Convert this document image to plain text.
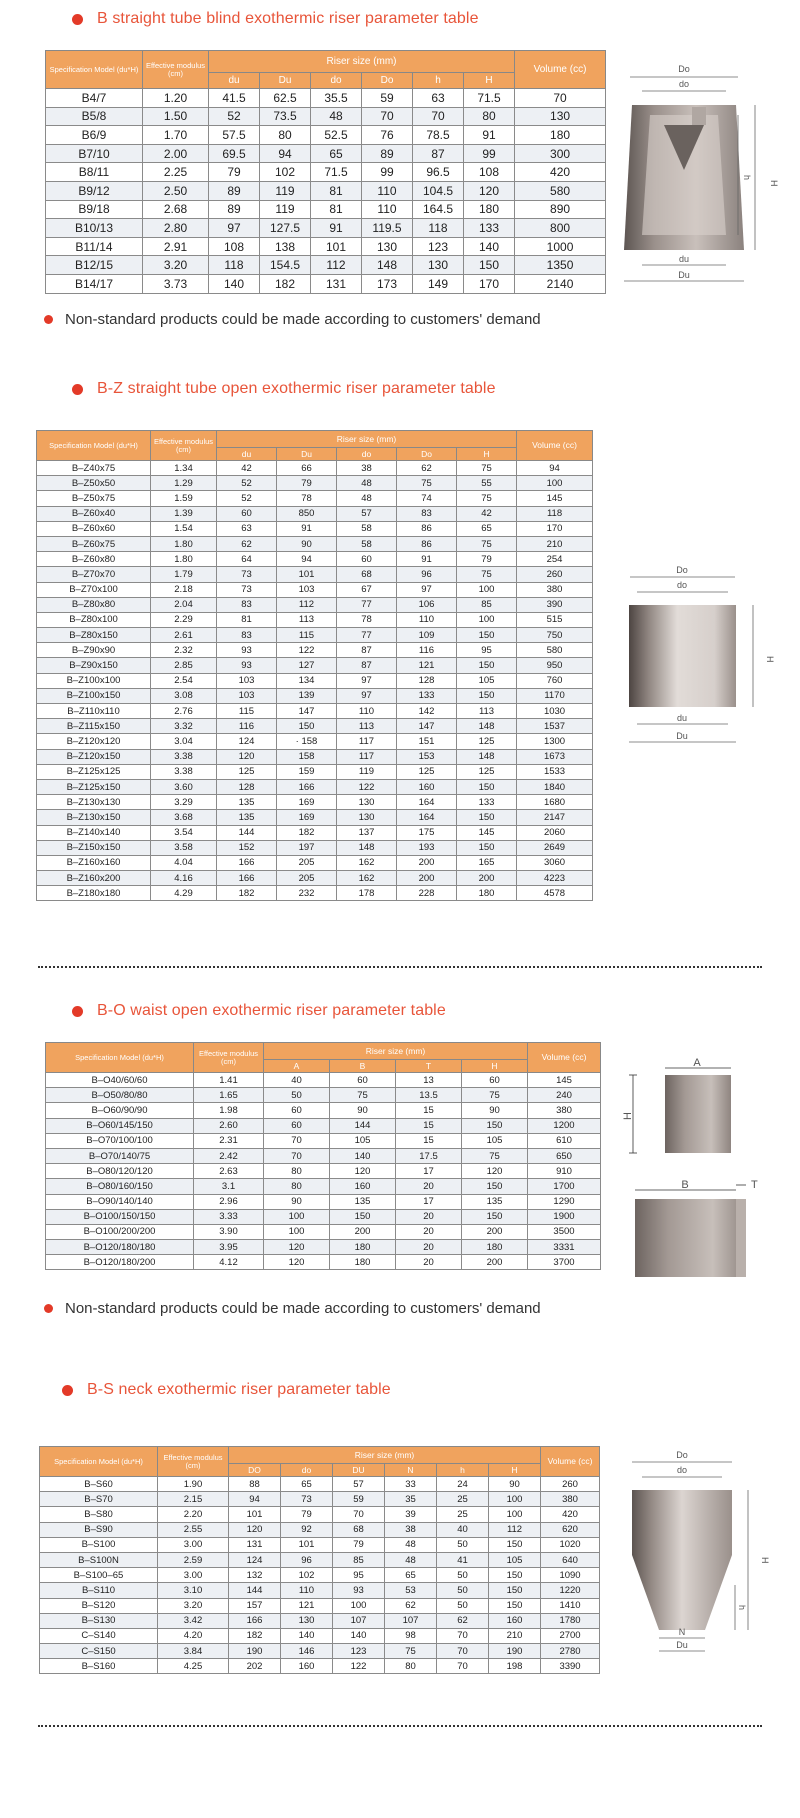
B straight tube blind exothermic riser parameter table
Specification Model (du*H)	Effective modulus (cm)	Riser size (mm)						Volume (cc)
		du	Du	do	Do	h	H	
B4/7	1.20	41.5	62.5	35.5	59	63	71.5	70
B5/8	1.50	52	73.5	48	70	70	80	130
B6/9	1.70	57.5	80	52.5	76	78.5	91	180
B7/10	2.00	69.5	94	65	89	87	99	300
B8/11	2.25	79	102	71.5	99	96.5	108	420
B9/12	2.50	89	119	81	110	104.5	120	580
B9/18	2.68	89	119	81	110	164.5	180	890
B10/13	2.80	97	127.5	91	119.5	118	133	800
B11/14	2.91	108	138	101	130	123	140	1000
B12/15	3.20	118	154.5	112	148	130	150	1350
B14/17	3.73	140	182	131	173	149	170	2140
Do
do
H
h
du
Du
Non-standard products could be made according to customers' demand
B-Z straight tube open exothermic riser parameter table
Specification Model (du*H)	Effective modulus (cm)	Riser size (mm)					Volume (cc)
		du	Du	do	Do	H	
B–Z40x75	1.34	42	66	38	62	75	94
B–Z50x50	1.29	52	79	48	75	55	100
B–Z50x75	1.59	52	78	48	74	75	145
B–Z60x40	1.39	60	850	57	83	42	118
B–Z60x60	1.54	63	91	58	86	65	170
B–Z60x75	1.80	62	90	58	86	75	210
B–Z60x80	1.80	64	94	60	91	79	254
B–Z70x70	1.79	73	101	68	96	75	260
B–Z70x100	2.18	73	103	67	97	100	380
B–Z80x80	2.04	83	112	77	106	85	390
B–Z80x100	2.29	81	113	78	110	100	515
B–Z80x150	2.61	83	115	77	109	150	750
B–Z90x90	2.32	93	122	87	116	95	580
B–Z90x150	2.85	93	127	87	121	150	950
B–Z100x100	2.54	103	134	97	128	105	760
B–Z100x150	3.08	103	139	97	133	150	1170
B–Z110x110	2.76	115	147	110	142	113	1030
B–Z115x150	3.32	116	150	113	147	148	1537
B–Z120x120	3.04	124	· 158	117	151	125	1300
B–Z120x150	3.38	120	158	117	153	148	1673
B–Z125x125	3.38	125	159	119	125	125	1533
B–Z125x150	3.60	128	166	122	160	150	1840
B–Z130x130	3.29	135	169	130	164	133	1680
B–Z130x150	3.68	135	169	130	164	150	2147
B–Z140x140	3.54	144	182	137	175	145	2060
B–Z150x150	3.58	152	197	148	193	150	2649
B–Z160x160	4.04	166	205	162	200	165	3060
B–Z160x200	4.16	166	205	162	200	200	4223
B–Z180x180	4.29	182	232	178	228	180	4578
Do
do
H
du
Du
B-O waist open exothermic riser parameter table
Specification Model (du*H)	Effective modulus (cm)	Riser size (mm)				Volume (cc)
		A	B	T	H	
B–O40/60/60	1.41	40	60	13	60	145
B–O50/80/80	1.65	50	75	13.5	75	240
B–O60/90/90	1.98	60	90	15	90	380
B–O60/145/150	2.60	60	144	15	150	1200
B–O70/100/100	2.31	70	105	15	105	610
B–O70/140/75	2.42	70	140	17.5	75	650
B–O80/120/120	2.63	80	120	17	120	910
B–O80/160/150	3.1	80	160	20	150	1700
B–O90/140/140	2.96	90	135	17	135	1290
B–O100/150/150	3.33	100	150	20	150	1900
B–O100/200/200	3.90	100	200	20	200	3500
B–O120/180/180	3.95	120	180	20	180	3331
B–O120/180/200	4.12	120	180	20	200	3700
A
H
B	T
Non-standard products could be made according to customers' demand
B-S neck exothermic riser parameter table
Specification Model (du*H)	Effective modulus (cm)	Riser size (mm)						Volume (cc)
		DO	do	DU	N	h	H	
B–S60	1.90	88	65	57	33	24	90	260
B–S70	2.15	94	73	59	35	25	100	380
B–S80	2.20	101	79	70	39	25	100	420
B–S90	2.55	120	92	68	38	40	112	620
B–S100	3.00	131	101	79	48	50	150	1020
B–S100N	2.59	124	96	85	48	41	105	640
B–S100–65	3.00	132	102	95	65	50	150	1090
B–S110	3.10	144	110	93	53	50	150	1220
B–S120	3.20	157	121	100	62	50	150	1410
B–S130	3.42	166	130	107	107	62	160	1780
C–S140	4.20	182	140	140	98	70	210	2700
C–S150	3.84	190	146	123	75	70	190	2780
B–S160	4.25	202	160	122	80	70	198	3390
Do
do
H
h
N
Du
